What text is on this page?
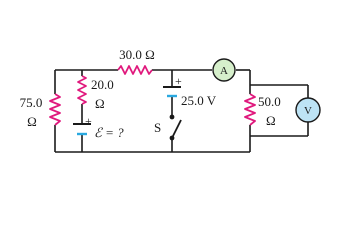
A
V
75.0
Ω
20.0
Ω
30.0 Ω
50.0
Ω
+
ℰ = ?
+
25.0 V
S
